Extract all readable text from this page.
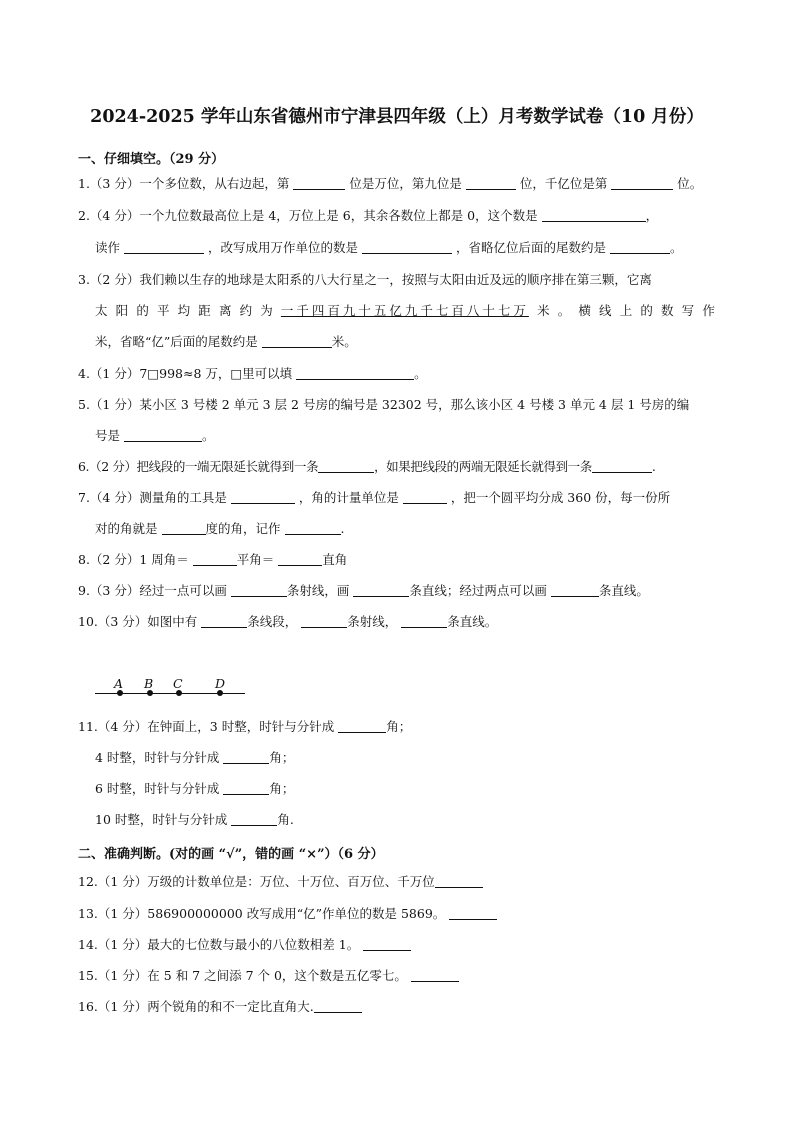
2024-2025 学年山东省德州市宁津县四年级（上）月考数学试卷（10 月份）
一、仔细填空。（29 分）
1.（3 分）一个多位数，从右边起，第	位是万位，第九位是	位，千亿位是第	位。
2.（4 分）一个九位数最高位上是 4，万位上是 6，其余各数位上都是 0，这个数是	，
读作	，改写成用万作单位的数是	，省略亿位后面的尾数约是	。
3.（2 分）我们赖以生存的地球是太阳系的八大行星之一，按照与太阳由近及远的顺序排在第三颗，它离
太 阳 的 平 均 距 离 约 为 一千四百九十五亿九千七百八十七万 米 。 横 线 上 的 数 写 作
米，省略“亿”后面的尾数约是	米。
4.（1 分）7□998≈8 万，□里可以填	。
5.（1 分）某小区 3 号楼 2 单元 3 层 2 号房的编号是 32302 号，那么该小区 4 号楼 3 单元 4 层 1 号房的编
号是	。
6.（2 分）把线段的一端无限延长就得到一条	，如果把线段的两端无限延长就得到一条	.
7.（4 分）测量角的工具是	，角的计量单位是	，把一个圆平均分成 360 份，每一份所
对的角就是	度的角，记作	.
8.（2 分）1 周角＝	平角＝	直角
9.（3 分）经过一点可以画	条射线，画	条直线；经过两点可以画	条直线。
10.（3 分）如图中有	条线段，	条射线，	条直线。
A B C	D
11.（4 分）在钟面上，3 时整，时针与分针成	角；
4 时整，时针与分针成	角；
6 时整，时针与分针成	角；
10 时整，时针与分针成	角.
二、准确判断。(对的画 “√”，错的画 “×”）（6 分）
12.（1 分）万级的计数单位是：万位、十万位、百万位、千万位
13.（1 分）586900000000 改写成用“亿”作单位的数是 5869。
14.（1 分）最大的七位数与最小的八位数相差 1。
15.（1 分）在 5 和 7 之间添 7 个 0，这个数是五亿零七。
16.（1 分）两个锐角的和不一定比直角大.
